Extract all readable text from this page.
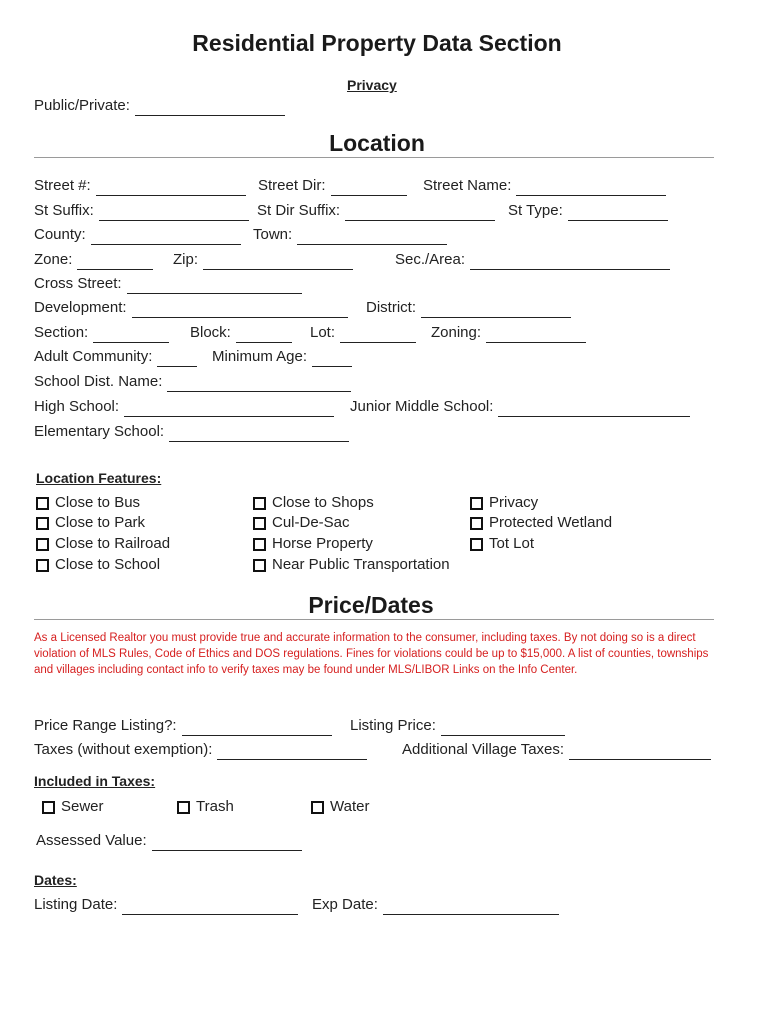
Residential Property Data Section
Privacy
Public/Private:
Location
Street #:	Street Dir:	Street Name:
St Suffix:	St Dir Suffix:	St Type:
County:	Town:
Zone:	Zip:	Sec./Area:
Cross Street:
Development:	District:
Section:	Block:	Lot:	Zoning:
Adult Community:	Minimum Age:
School Dist. Name:
High School:	Junior Middle School:
Elementary School:
Location Features:
Close to Bus
Close to Park
Close to Railroad
Close to School
Close to Shops
Cul-De-Sac
Horse Property
Near Public Transportation
Privacy
Protected Wetland
Tot Lot
Price/Dates
As a Licensed Realtor you must provide true and accurate information to the consumer, including taxes. By not doing so is a direct violation of MLS Rules, Code of Ethics and DOS regulations. Fines for violations could be up to $15,000. A list of counties, townships and villages including contact info to verify taxes may be found under MLS/LIBOR Links on the Info Center.
Price Range Listing?:	Listing Price:
Taxes (without exemption):	Additional Village Taxes:
Included in Taxes:
Sewer	Trash	Water
Assessed Value:
Dates:
Listing Date:	Exp Date:
